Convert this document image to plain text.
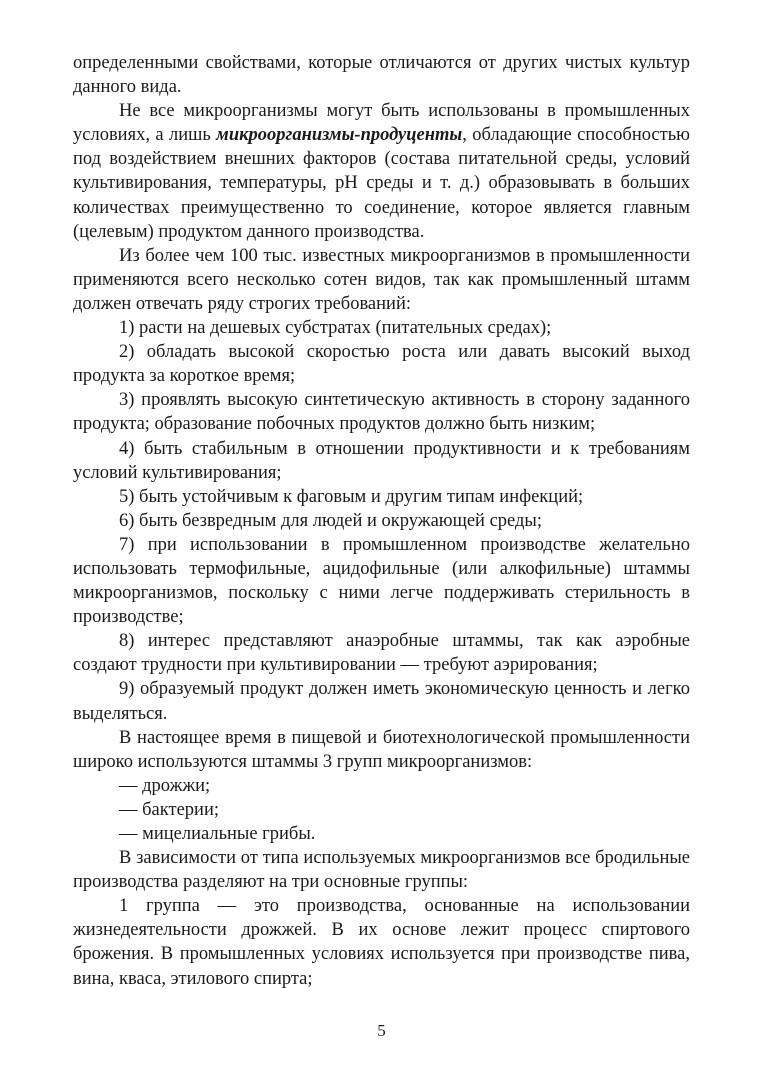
определенными свойствами, которые отличаются от других чистых культур данного вида.

Не все микроорганизмы могут быть использованы в промышленных условиях, а лишь микроорганизмы-продуценты, обладающие способностью под воздействием внешних факторов (состава питательной среды, условий культивирования, температуры, pH среды и т. д.) образовывать в больших количествах преимущественно то соединение, которое является главным (целевым) продуктом данного производства.

Из более чем 100 тыс. известных микроорганизмов в промышленности применяются всего несколько сотен видов, так как промышленный штамм должен отвечать ряду строгих требований:

1) расти на дешевых субстратах (питательных средах);

2) обладать высокой скоростью роста или давать высокий выход продукта за короткое время;

3) проявлять высокую синтетическую активность в сторону заданного продукта; образование побочных продуктов должно быть низким;

4) быть стабильным в отношении продуктивности и к требованиям условий культивирования;

5) быть устойчивым к фаговым и другим типам инфекций;

6) быть безвредным для людей и окружающей среды;

7) при использовании в промышленном производстве желательно использовать термофильные, ацидофильные (или алкофильные) штаммы микроорганизмов, поскольку с ними легче поддерживать стерильность в производстве;

8) интерес представляют анаэробные штаммы, так как аэробные создают трудности при культивировании — требуют аэрирования;

9) образуемый продукт должен иметь экономическую ценность и легко выделяться.

В настоящее время в пищевой и биотехнологической промышленности широко используются штаммы 3 групп микроорганизмов:

— дрожжи;

— бактерии;

— мицелиальные грибы.

В зависимости от типа используемых микроорганизмов все бродильные производства разделяют на три основные группы:

1 группа — это производства, основанные на использовании жизнедеятельности дрожжей. В их основе лежит процесс спиртового брожения. В промышленных условиях используется при производстве пива, вина, кваса, этилового спирта;

5
